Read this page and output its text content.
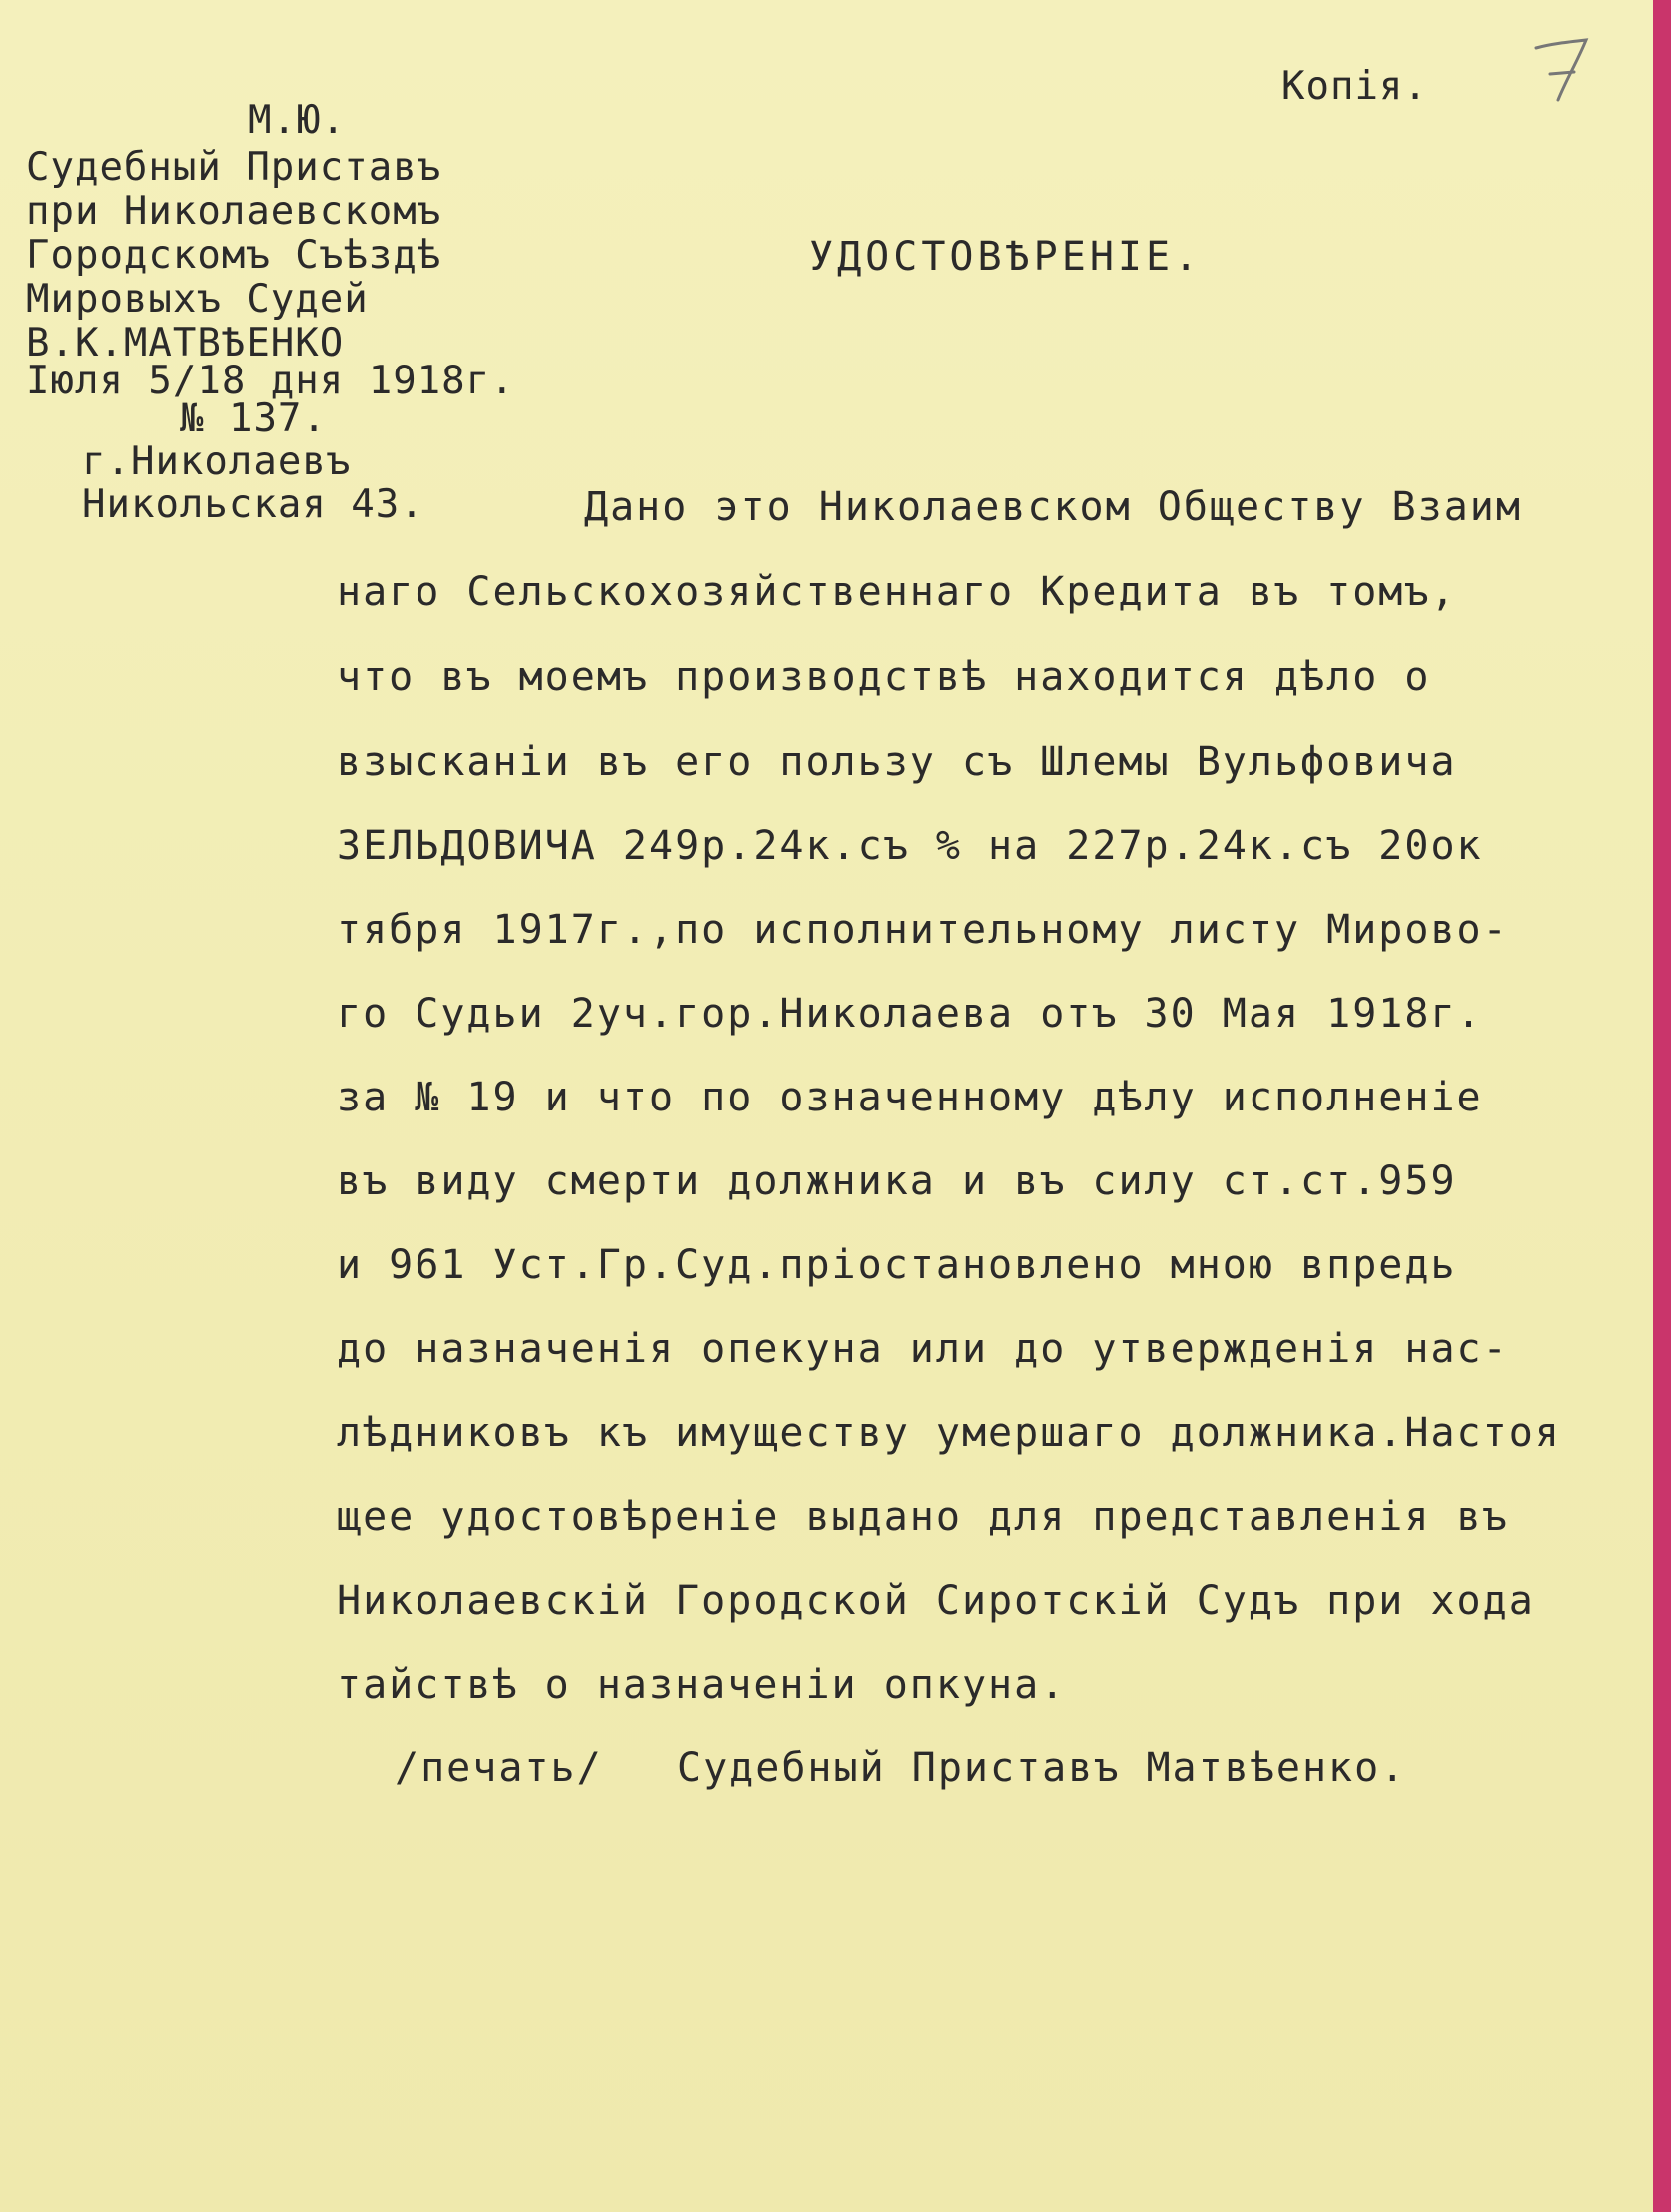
Копія.
М.Ю.
Судебный Приставъ
при Николаевскомъ
Городскомъ Съѣздѣ
Мировыхъ Судей
В.К.МАТВѢЕНКО
Іюля 5/18 дня 1918г.
№ 137.
г.Николаевъ
Никольская 43.
УДОСТОВѢРЕНІЕ.
Дано это Николаевском Обществу Взаим
наго Сельскохозяйственнаго Кредита въ томъ,
что въ моемъ производствѣ находится дѣло о
взысканіи въ его пользу съ Шлемы Вульфовича
ЗЕЛЬДОВИЧА 249р.24к.съ % на 227р.24к.съ 20ок
тября 1917г.,по исполнительному листу Мирово-
го Судьи 2уч.гор.Николаева отъ 30 Мая 1918г.
за № 19 и что по означенному дѣлу исполненіе
въ виду смерти должника и въ силу ст.ст.959
и 961 Уст.Гр.Суд.пріостановлено мною впредь
до назначенія опекуна или до утвержденія нас-
лѣдниковъ къ имуществу умершаго должника.Настоя
щее удостовѣреніе выдано для представленія въ
Николаевскій Городской Сиротскій Судъ при хода
тайствѣ о назначеніи опкуна.
/печать/ Судебный Приставъ Матвѣенко.
